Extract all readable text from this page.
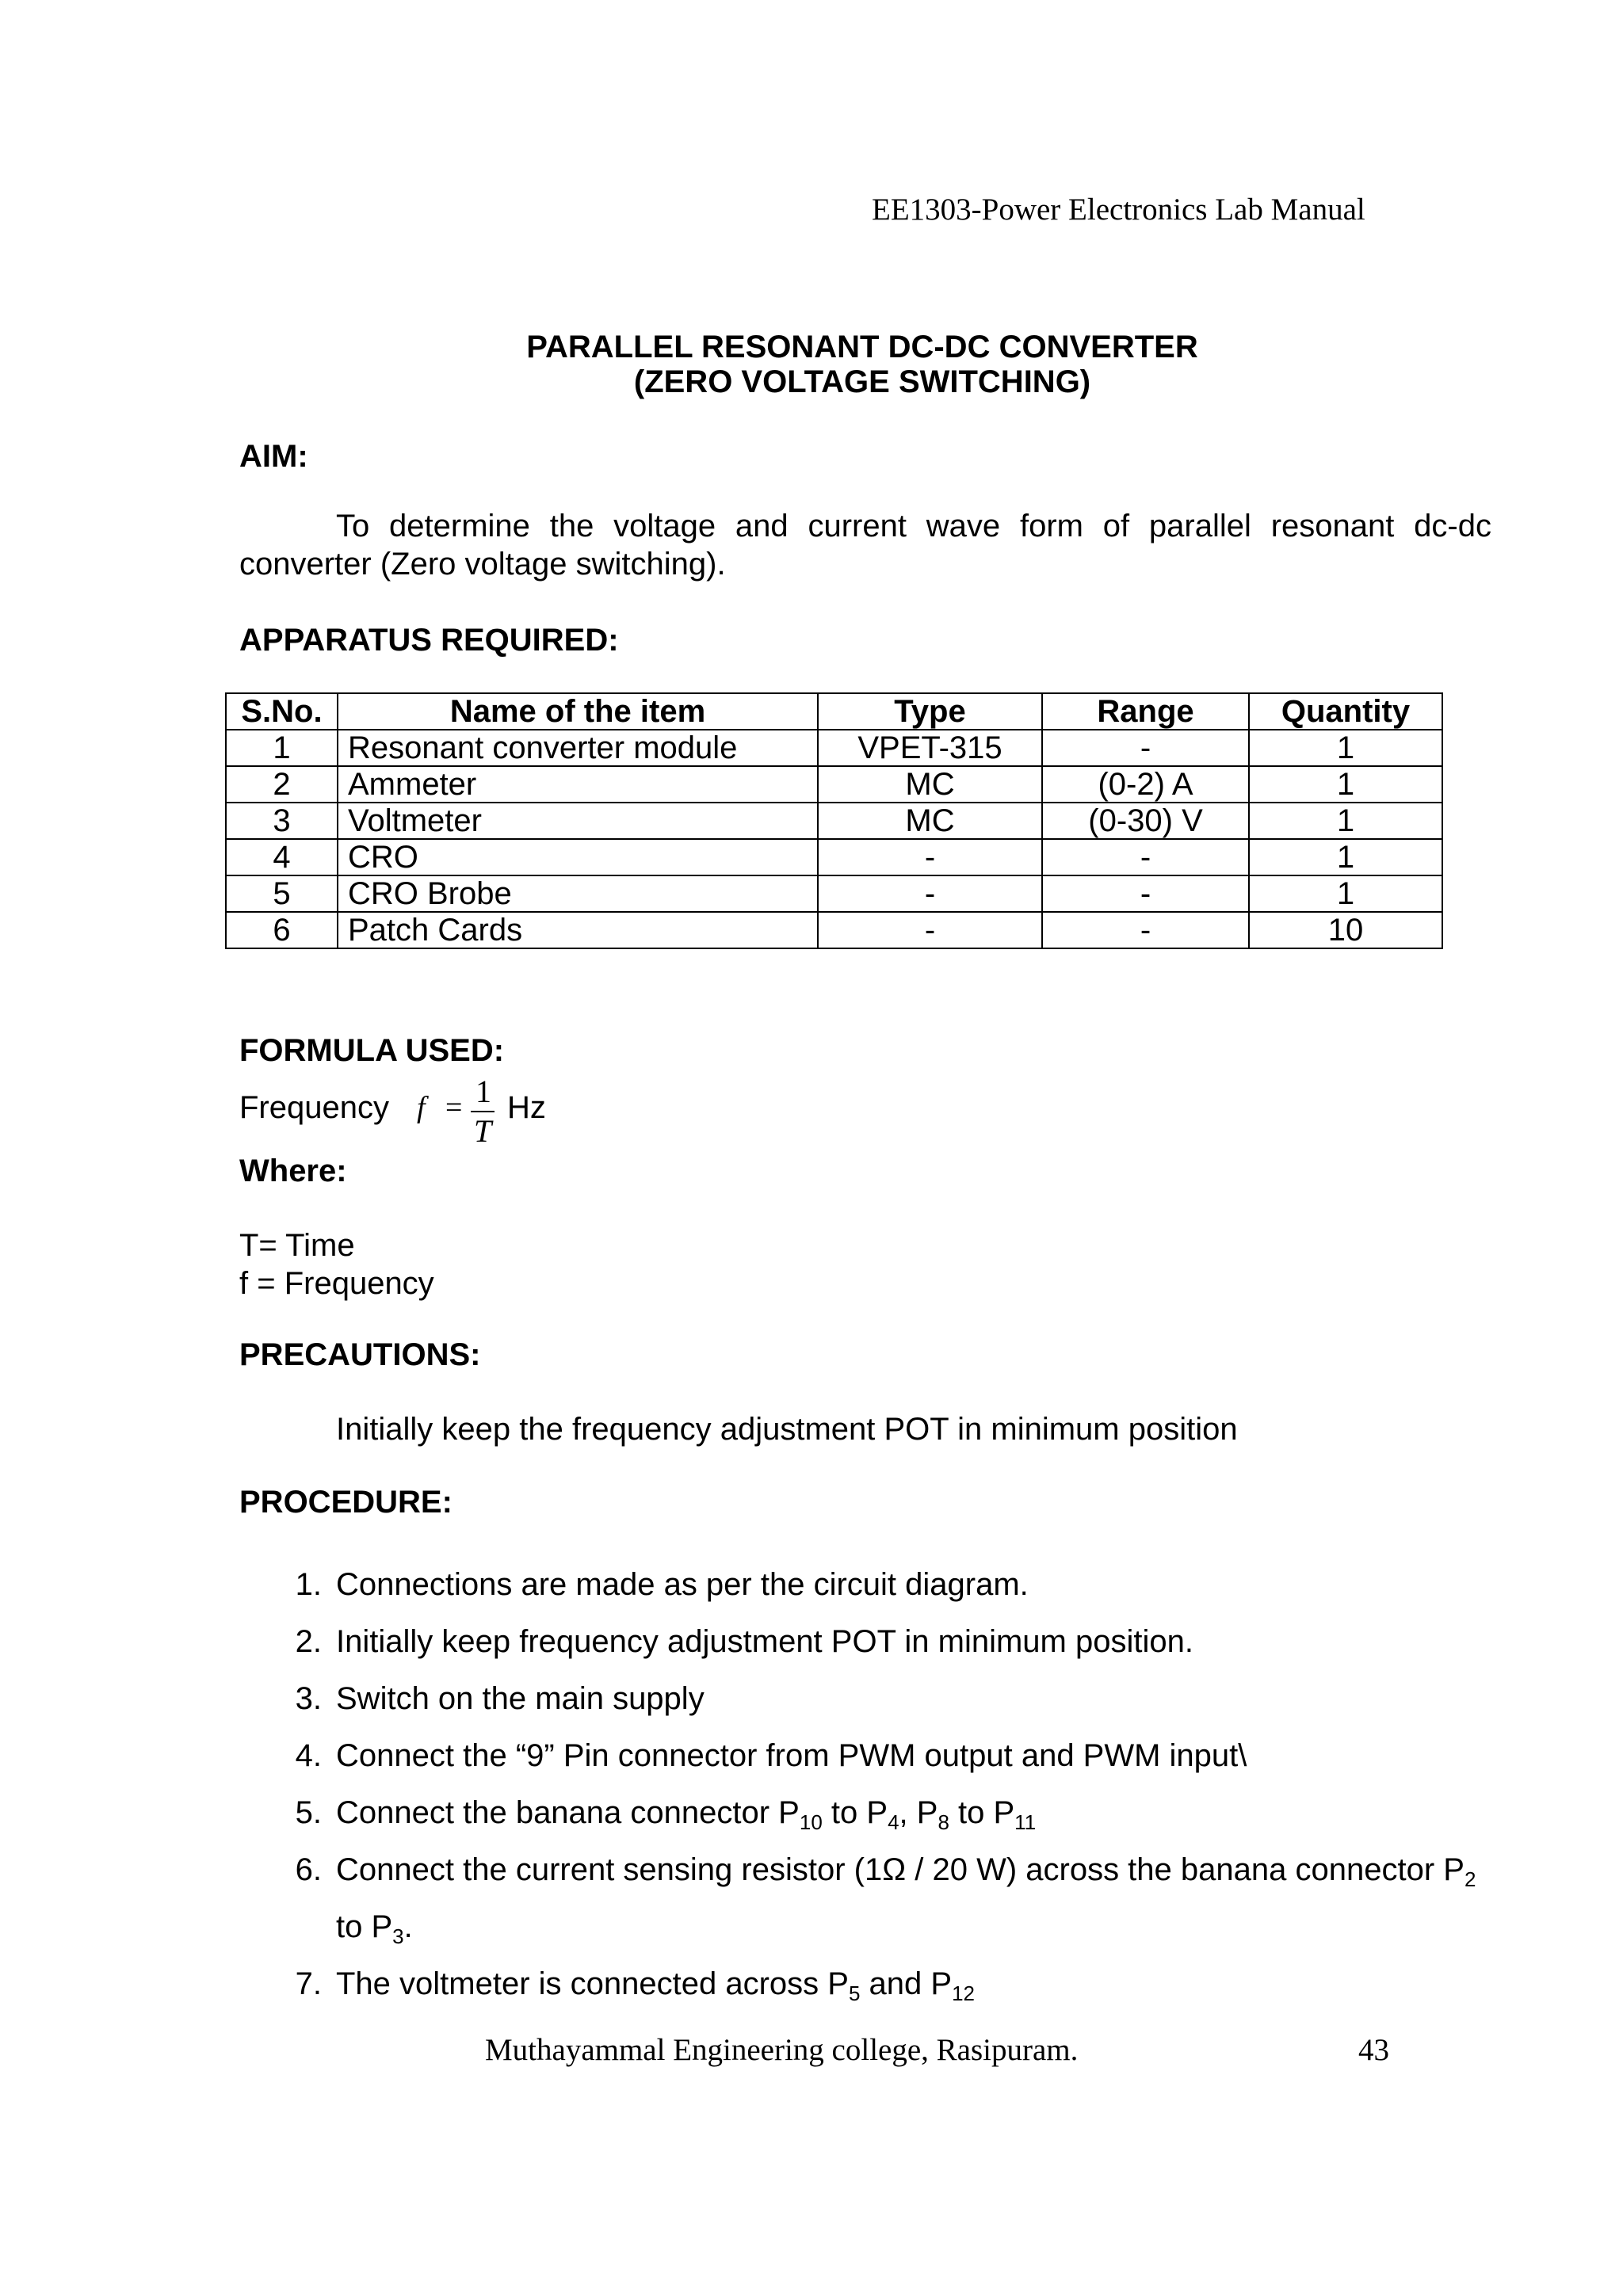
EE1303-Power Electronics Lab Manual
PARALLEL RESONANT DC-DC CONVERTER
(ZERO VOLTAGE SWITCHING)
AIM:
To determine the voltage and current wave form of parallel resonant dc-dc converter (Zero voltage switching).
APPARATUS REQUIRED:
S.No.	Name of the item	Type	Range	Quantity
1	Resonant converter module	VPET-315	-	1
2	Ammeter	MC	(0-2) A	1
3	Voltmeter	MC	(0-30) V	1
4	CRO	-	-	1
5	CRO Brobe	-	-	1
6	Patch Cards	-	-	10
FORMULA USED:
Frequency f = 1
T
Hz
Where:
T= Time
f = Frequency
PRECAUTIONS:
Initially keep the frequency adjustment POT in minimum position
PROCEDURE:
1. Connections are made as per the circuit diagram.
2. Initially keep frequency adjustment POT in minimum position.
3. Switch on the main supply
4. Connect the “9” Pin connector from PWM output and PWM input\
5. Connect the banana connector $P_{10}$ to $P_4$, $P_8$ to $P_{11}$
6. Connect the current sensing resistor (1Ω / 20 W) across the banana connector $P_2$
to $P_3$.
7. The voltmeter is connected across $P_5$ and $P_{12}$
Muthayammal Engineering college, Rasipuram.	43
